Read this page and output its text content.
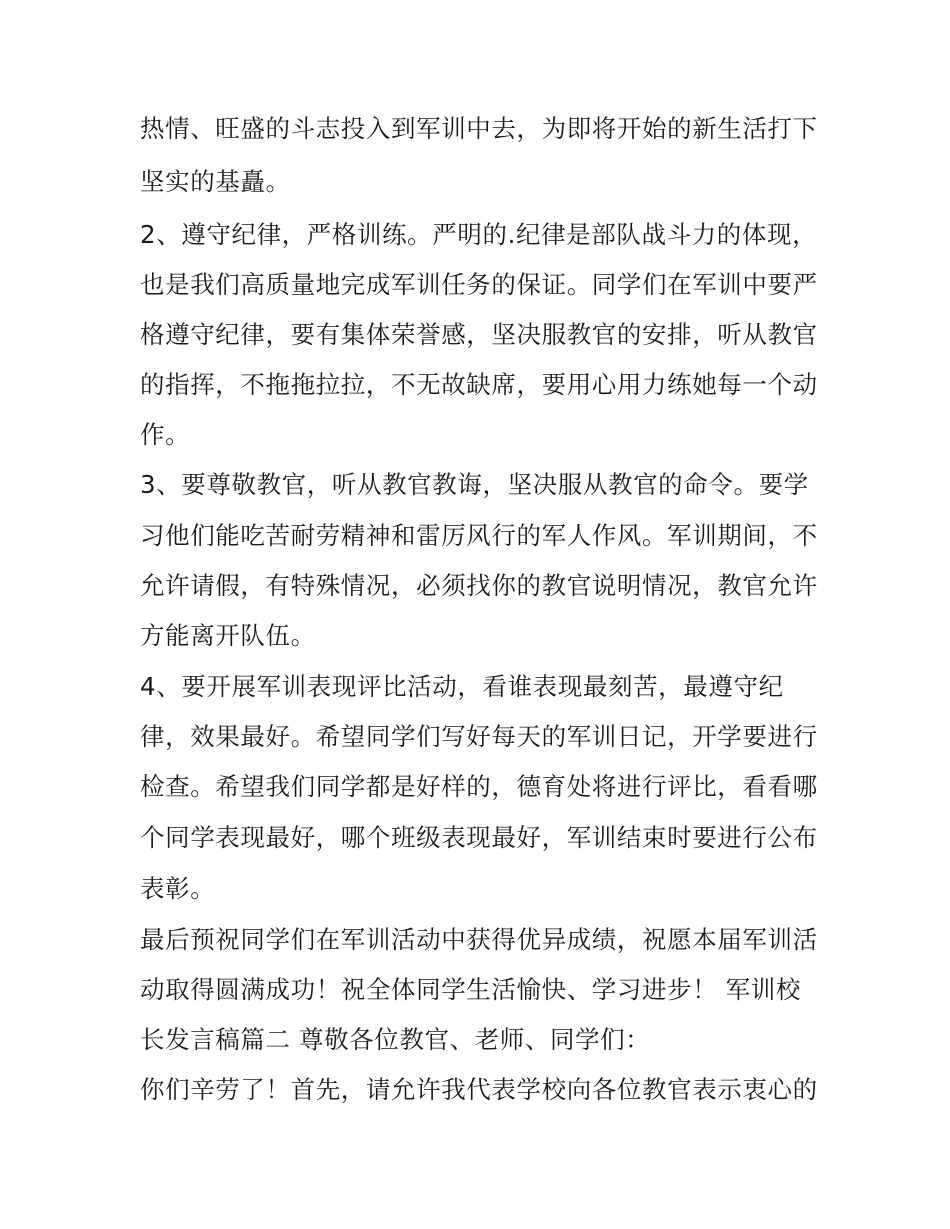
热情、旺盛的斗志投入到军训中去，为即将开始的新生活打下
坚实的基矗。
2、遵守纪律，严格训练。严明的.纪律是部队战斗力的体现，
也是我们高质量地完成军训任务的保证。同学们在军训中要严
格遵守纪律，要有集体荣誉感，坚决服教官的安排，听从教官
的指挥，不拖拖拉拉，不无故缺席，要用心用力练她每一个动
作。
3、要尊敬教官，听从教官教诲，坚决服从教官的命令。要学
习他们能吃苦耐劳精神和雷厉风行的军人作风。军训期间，不
允许请假，有特殊情况，必须找你的教官说明情况，教官允许
方能离开队伍。
4、要开展军训表现评比活动，看谁表现最刻苦，最遵守纪
律，效果最好。希望同学们写好每天的军训日记，开学要进行
检查。希望我们同学都是好样的，德育处将进行评比，看看哪
个同学表现最好，哪个班级表现最好，军训结束时要进行公布
表彰。
最后预祝同学们在军训活动中获得优异成绩，祝愿本届军训活
动取得圆满成功！祝全体同学生活愉快、学习进步！ 军训校
长发言稿篇二 尊敬各位教官、老师、同学们：
你们辛劳了！首先，请允许我代表学校向各位教官表示衷心的
